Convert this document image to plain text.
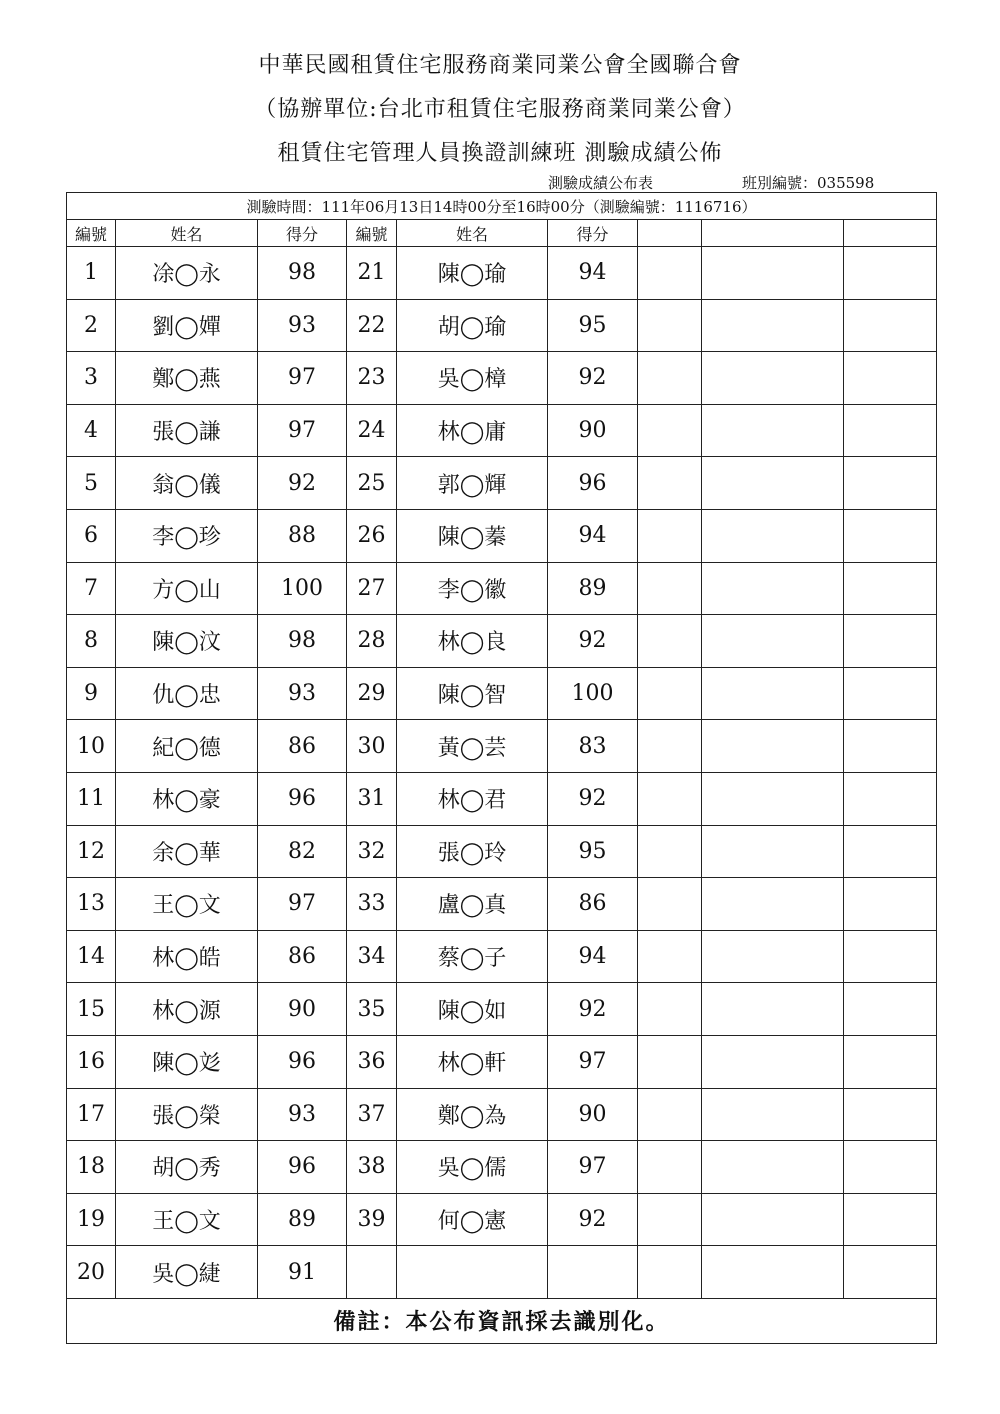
中華民國租賃住宅服務商業同業公會全國聯合會
（協辦單位:台北市租賃住宅服務商業同業公會）
租賃住宅管理人員換證訓練班 測驗成績公佈
測驗成績公布表	班別編號：035598
測驗時間：111年06月13日14時00分至16時00分（測驗編號：1116716）								
編號	姓名	得分	編號	姓名	得分			
1	凃◯永	98	21	陳◯瑜	94			
2	劉◯嬋	93	22	胡◯瑜	95			
3	鄭◯燕	97	23	吳◯樟	92			
4	張◯謙	97	24	林◯庸	90			
5	翁◯儀	92	25	郭◯輝	96			
6	李◯珍	88	26	陳◯蓁	94			
7	方◯山	100	27	李◯徽	89			
8	陳◯汶	98	28	林◯良	92			
9	仇◯忠	93	29	陳◯智	100			
10	紀◯德	86	30	黃◯芸	83			
11	林◯豪	96	31	林◯君	92			
12	余◯華	82	32	張◯玲	95			
13	王◯文	97	33	盧◯真	86			
14	林◯皓	86	34	蔡◯子	94			
15	林◯源	90	35	陳◯如	92			
16	陳◯彣	96	36	林◯軒	97			
17	張◯榮	93	37	鄭◯為	90			
18	胡◯秀	96	38	吳◯儒	97			
19	王◯文	89	39	何◯憲	92			
20	吳◯緁	91						
備註：本公布資訊採去識別化。								
